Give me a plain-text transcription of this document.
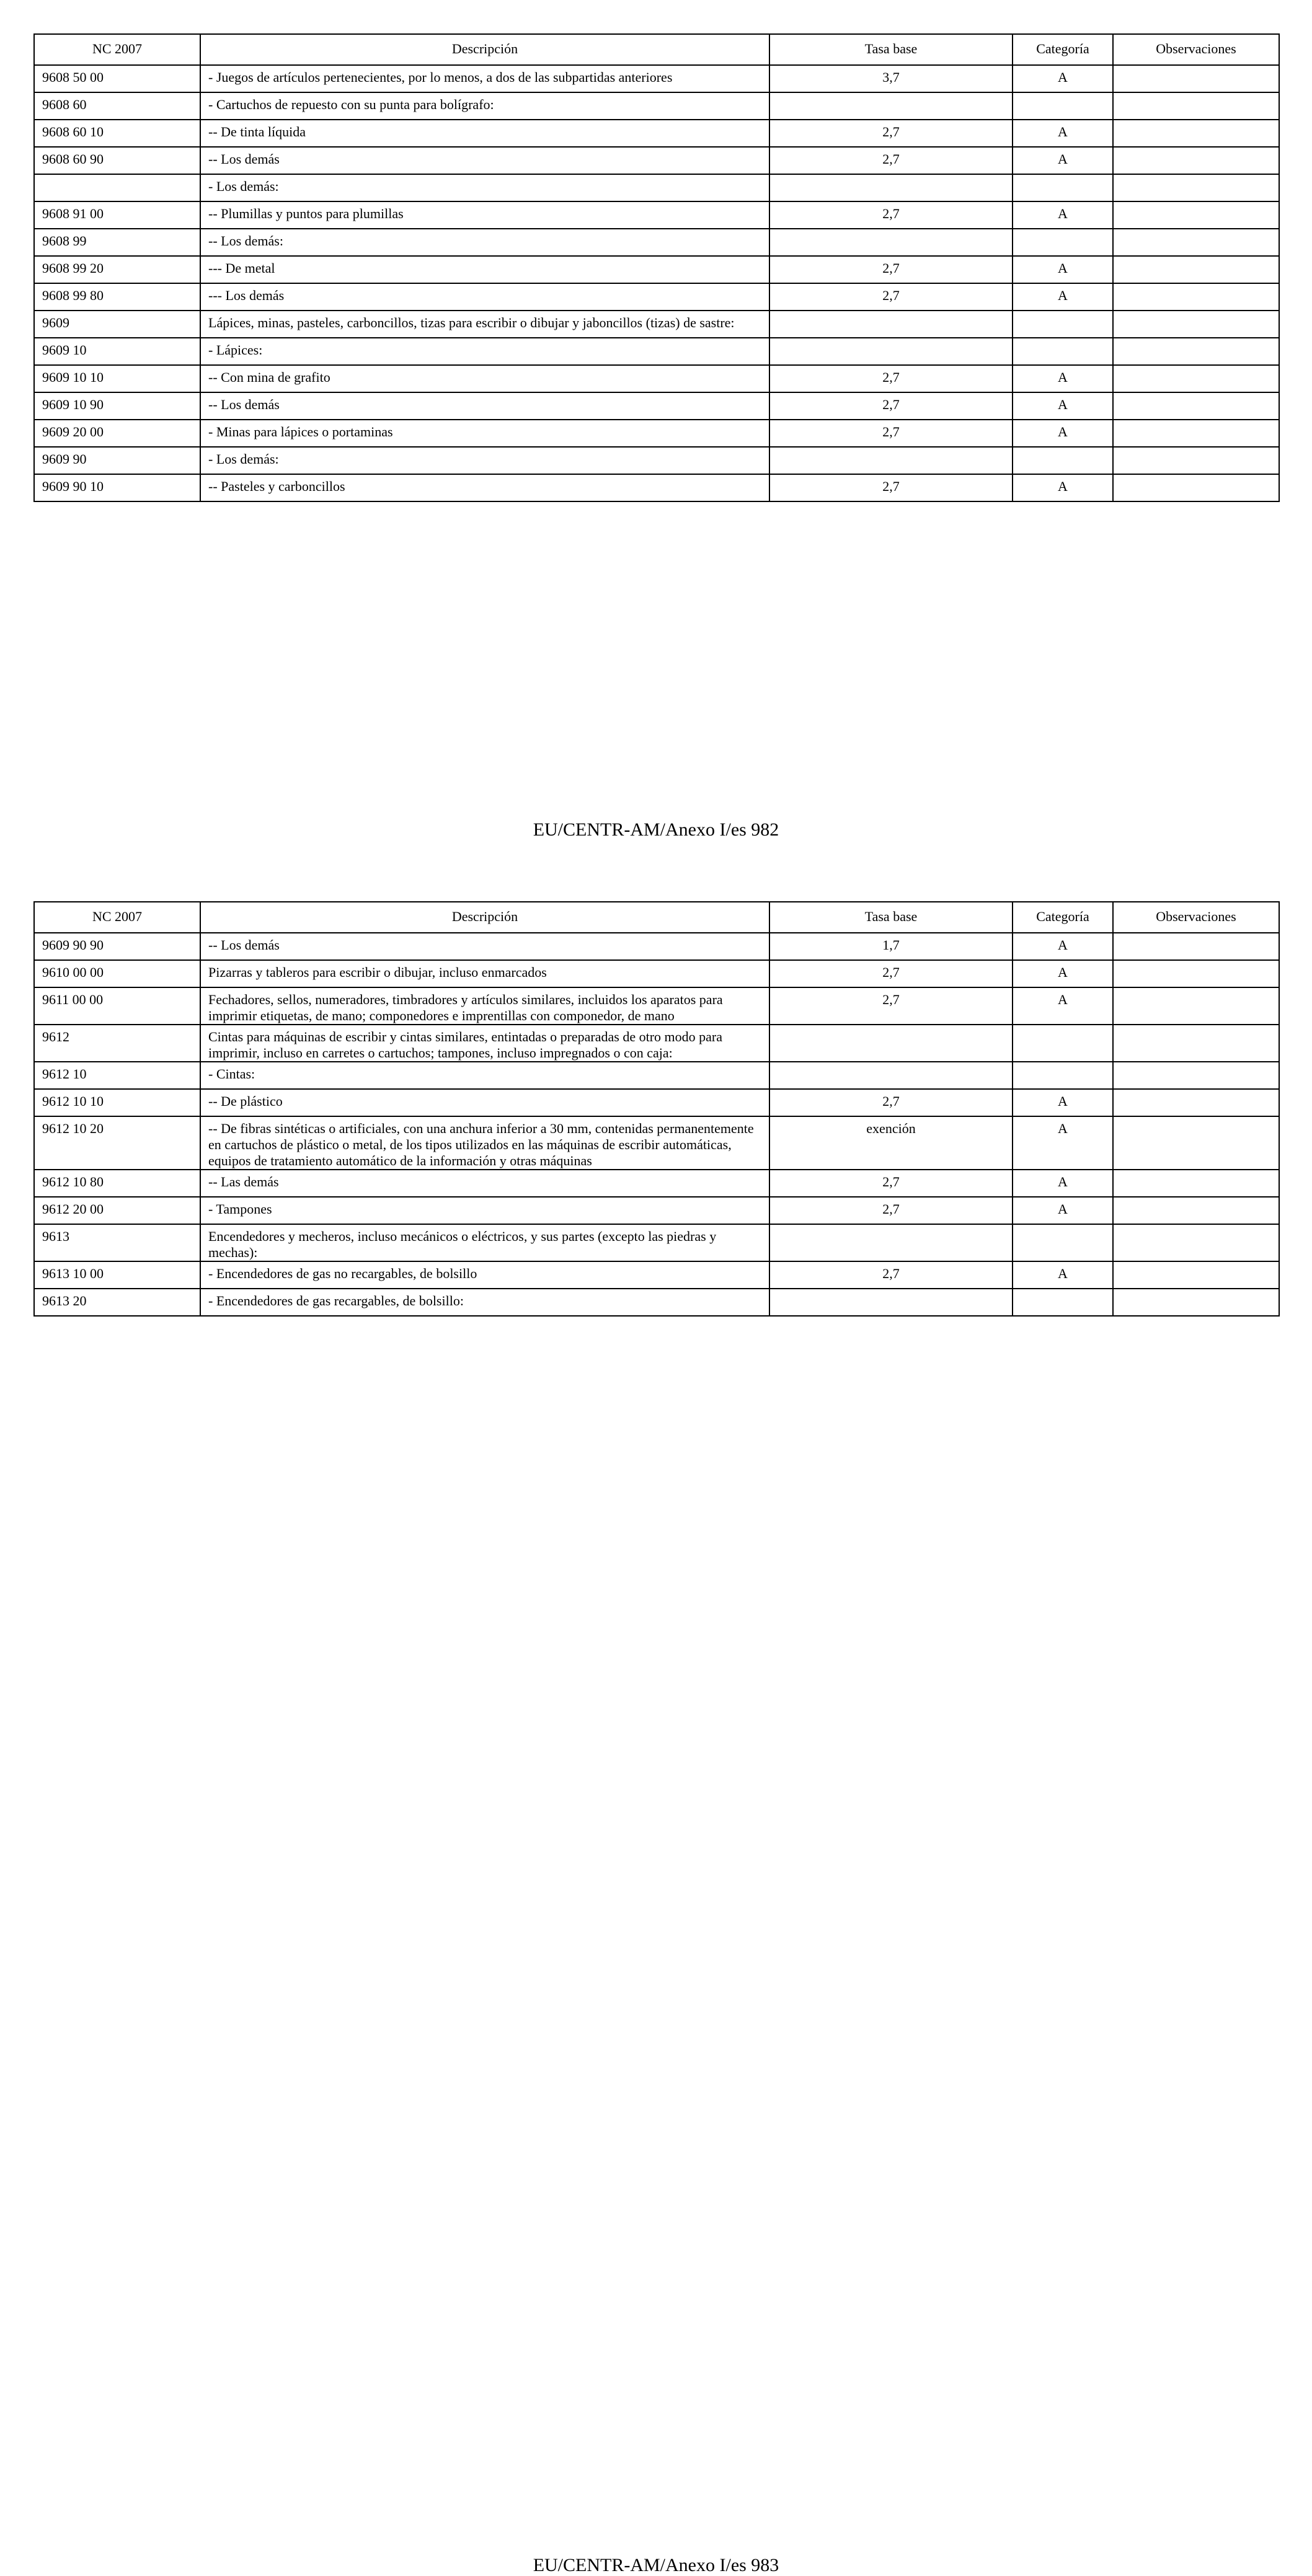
NC 2007	Descripción	Tasa base	Categoría	Observaciones
9608 50 00	- Juegos de artículos pertenecientes, por lo menos, a dos de las subpartidas anteriores	3,7	A	
9608 60	- Cartuchos de repuesto con su punta para bolígrafo:			
9608 60 10	-- De tinta líquida	2,7	A	
9608 60 90	-- Los demás	2,7	A	
	- Los demás:			
9608 91 00	-- Plumillas y puntos para plumillas	2,7	A	
9608 99	-- Los demás:			
9608 99 20	--- De metal	2,7	A	
9608 99 80	--- Los demás	2,7	A	
9609	Lápices, minas, pasteles, carboncillos, tizas para escribir o dibujar y jaboncillos (tizas) de sastre:			
9609 10	- Lápices:			
9609 10 10	-- Con mina de grafito	2,7	A	
9609 10 90	-- Los demás	2,7	A	
9609 20 00	- Minas para lápices o portaminas	2,7	A	
9609 90	- Los demás:			
9609 90 10	-- Pasteles y carboncillos	2,7	A	
EU/CENTR-AM/Anexo I/es 982
NC 2007	Descripción	Tasa base	Categoría	Observaciones
9609 90 90	-- Los demás	1,7	A	
9610 00 00	Pizarras y tableros para escribir o dibujar, incluso enmarcados	2,7	A	
9611 00 00	Fechadores, sellos, numeradores, timbradores y artículos similares, incluidos los aparatos para imprimir etiquetas, de mano; componedores e imprentillas con componedor, de mano	2,7	A	
9612	Cintas para máquinas de escribir y cintas similares, entintadas o preparadas de otro modo para imprimir, incluso en carretes o cartuchos; tampones, incluso impregnados o con caja:			
9612 10	- Cintas:			
9612 10 10	-- De plástico	2,7	A	
9612 10 20	-- De fibras sintéticas o artificiales, con una anchura inferior a 30 mm, contenidas permanentemente en cartuchos de plástico o metal, de los tipos utilizados en las máquinas de escribir automáticas, equipos de tratamiento automático de la información y otras máquinas	exención	A	
9612 10 80	-- Las demás	2,7	A	
9612 20 00	- Tampones	2,7	A	
9613	Encendedores y mecheros, incluso mecánicos o eléctricos, y sus partes (excepto las piedras y mechas):			
9613 10 00	- Encendedores de gas no recargables, de bolsillo	2,7	A	
9613 20	- Encendedores de gas recargables, de bolsillo:			
EU/CENTR-AM/Anexo I/es 983
